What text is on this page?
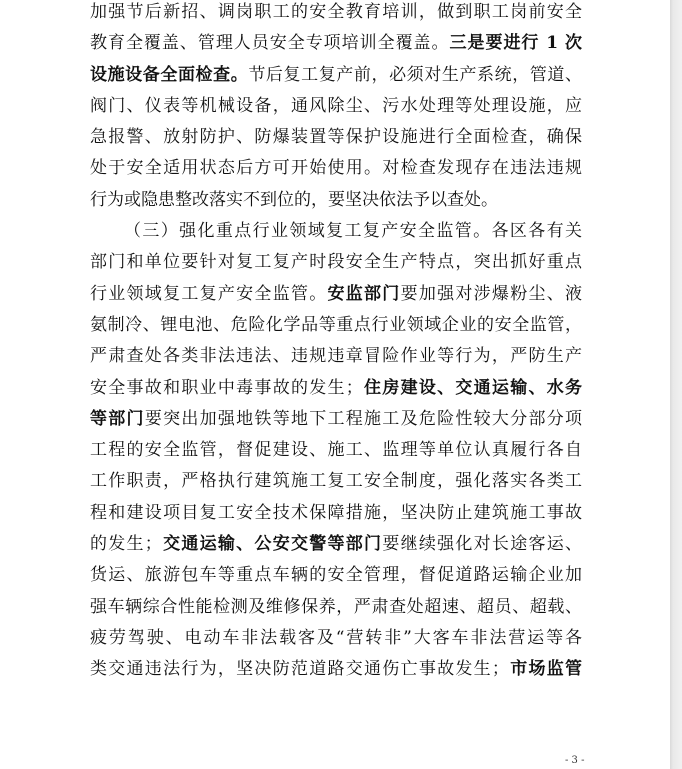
加强节后新招、调岗职工的安全教育培训，做到职工岗前安全
教育全覆盖、管理人员安全专项培训全覆盖。三是要进行 1 次
设施设备全面检查。节后复工复产前，必须对生产系统，管道、
阀门、仪表等机械设备，通风除尘、污水处理等处理设施，应
急报警、放射防护、防爆装置等保护设施进行全面检查，确保
处于安全适用状态后方可开始使用。对检查发现存在违法违规
行为或隐患整改落实不到位的，要坚决依法予以查处。
（三）强化重点行业领域复工复产安全监管。各区各有关
部门和单位要针对复工复产时段安全生产特点，突出抓好重点
行业领域复工复产安全监管。安监部门要加强对涉爆粉尘、液
氨制冷、锂电池、危险化学品等重点行业领域企业的安全监管，
严肃查处各类非法违法、违规违章冒险作业等行为，严防生产
安全事故和职业中毒事故的发生；住房建设、交通运输、水务
等部门要突出加强地铁等地下工程施工及危险性较大分部分项
工程的安全监管，督促建设、施工、监理等单位认真履行各自
工作职责，严格执行建筑施工复工安全制度，强化落实各类工
程和建设项目复工安全技术保障措施，坚决防止建筑施工事故
的发生；交通运输、公安交警等部门要继续强化对长途客运、
货运、旅游包车等重点车辆的安全管理，督促道路运输企业加
强车辆综合性能检测及维修保养，严肃查处超速、超员、超载、
疲劳驾驶、电动车非法载客及“营转非”大客车非法营运等各
类交通违法行为，坚决防范道路交通伤亡事故发生；市场监管
- 3 -
